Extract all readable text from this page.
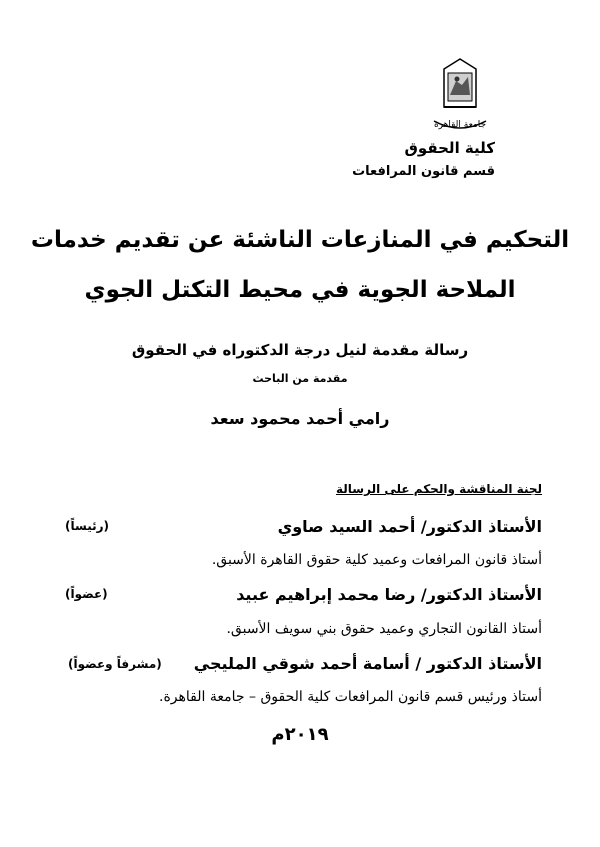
جامعة القاهرة
كلية الحقوق
قسم قانون المرافعات
التحكيم في المنازعات الناشئة عن تقديم خدمات
الملاحة الجوية في محيط التكتل الجوي
رسالة مقدمة لنيل درجة الدكتوراه في الحقوق
مقدمة من الباحث
رامي أحمد محمود سعد
لجنة المناقشة والحكم على الرسالة
الأستاذ الدكتور/ أحمد السيد صاوي
(رئيساً)
أستاذ قانون المرافعات وعميد كلية حقوق القاهرة الأسبق.
الأستاذ الدكتور/ رضا محمد إبراهيم عبيد
(عضواً)
أستاذ القانون التجاري وعميد حقوق بني سويف الأسبق.
الأستاذ الدكتور / أسامة أحمد شوقي المليجي
(مشرفاً وعضواً)
أستاذ ورئيس قسم قانون المرافعات كلية الحقوق – جامعة القاهرة.
٢٠١٩م
